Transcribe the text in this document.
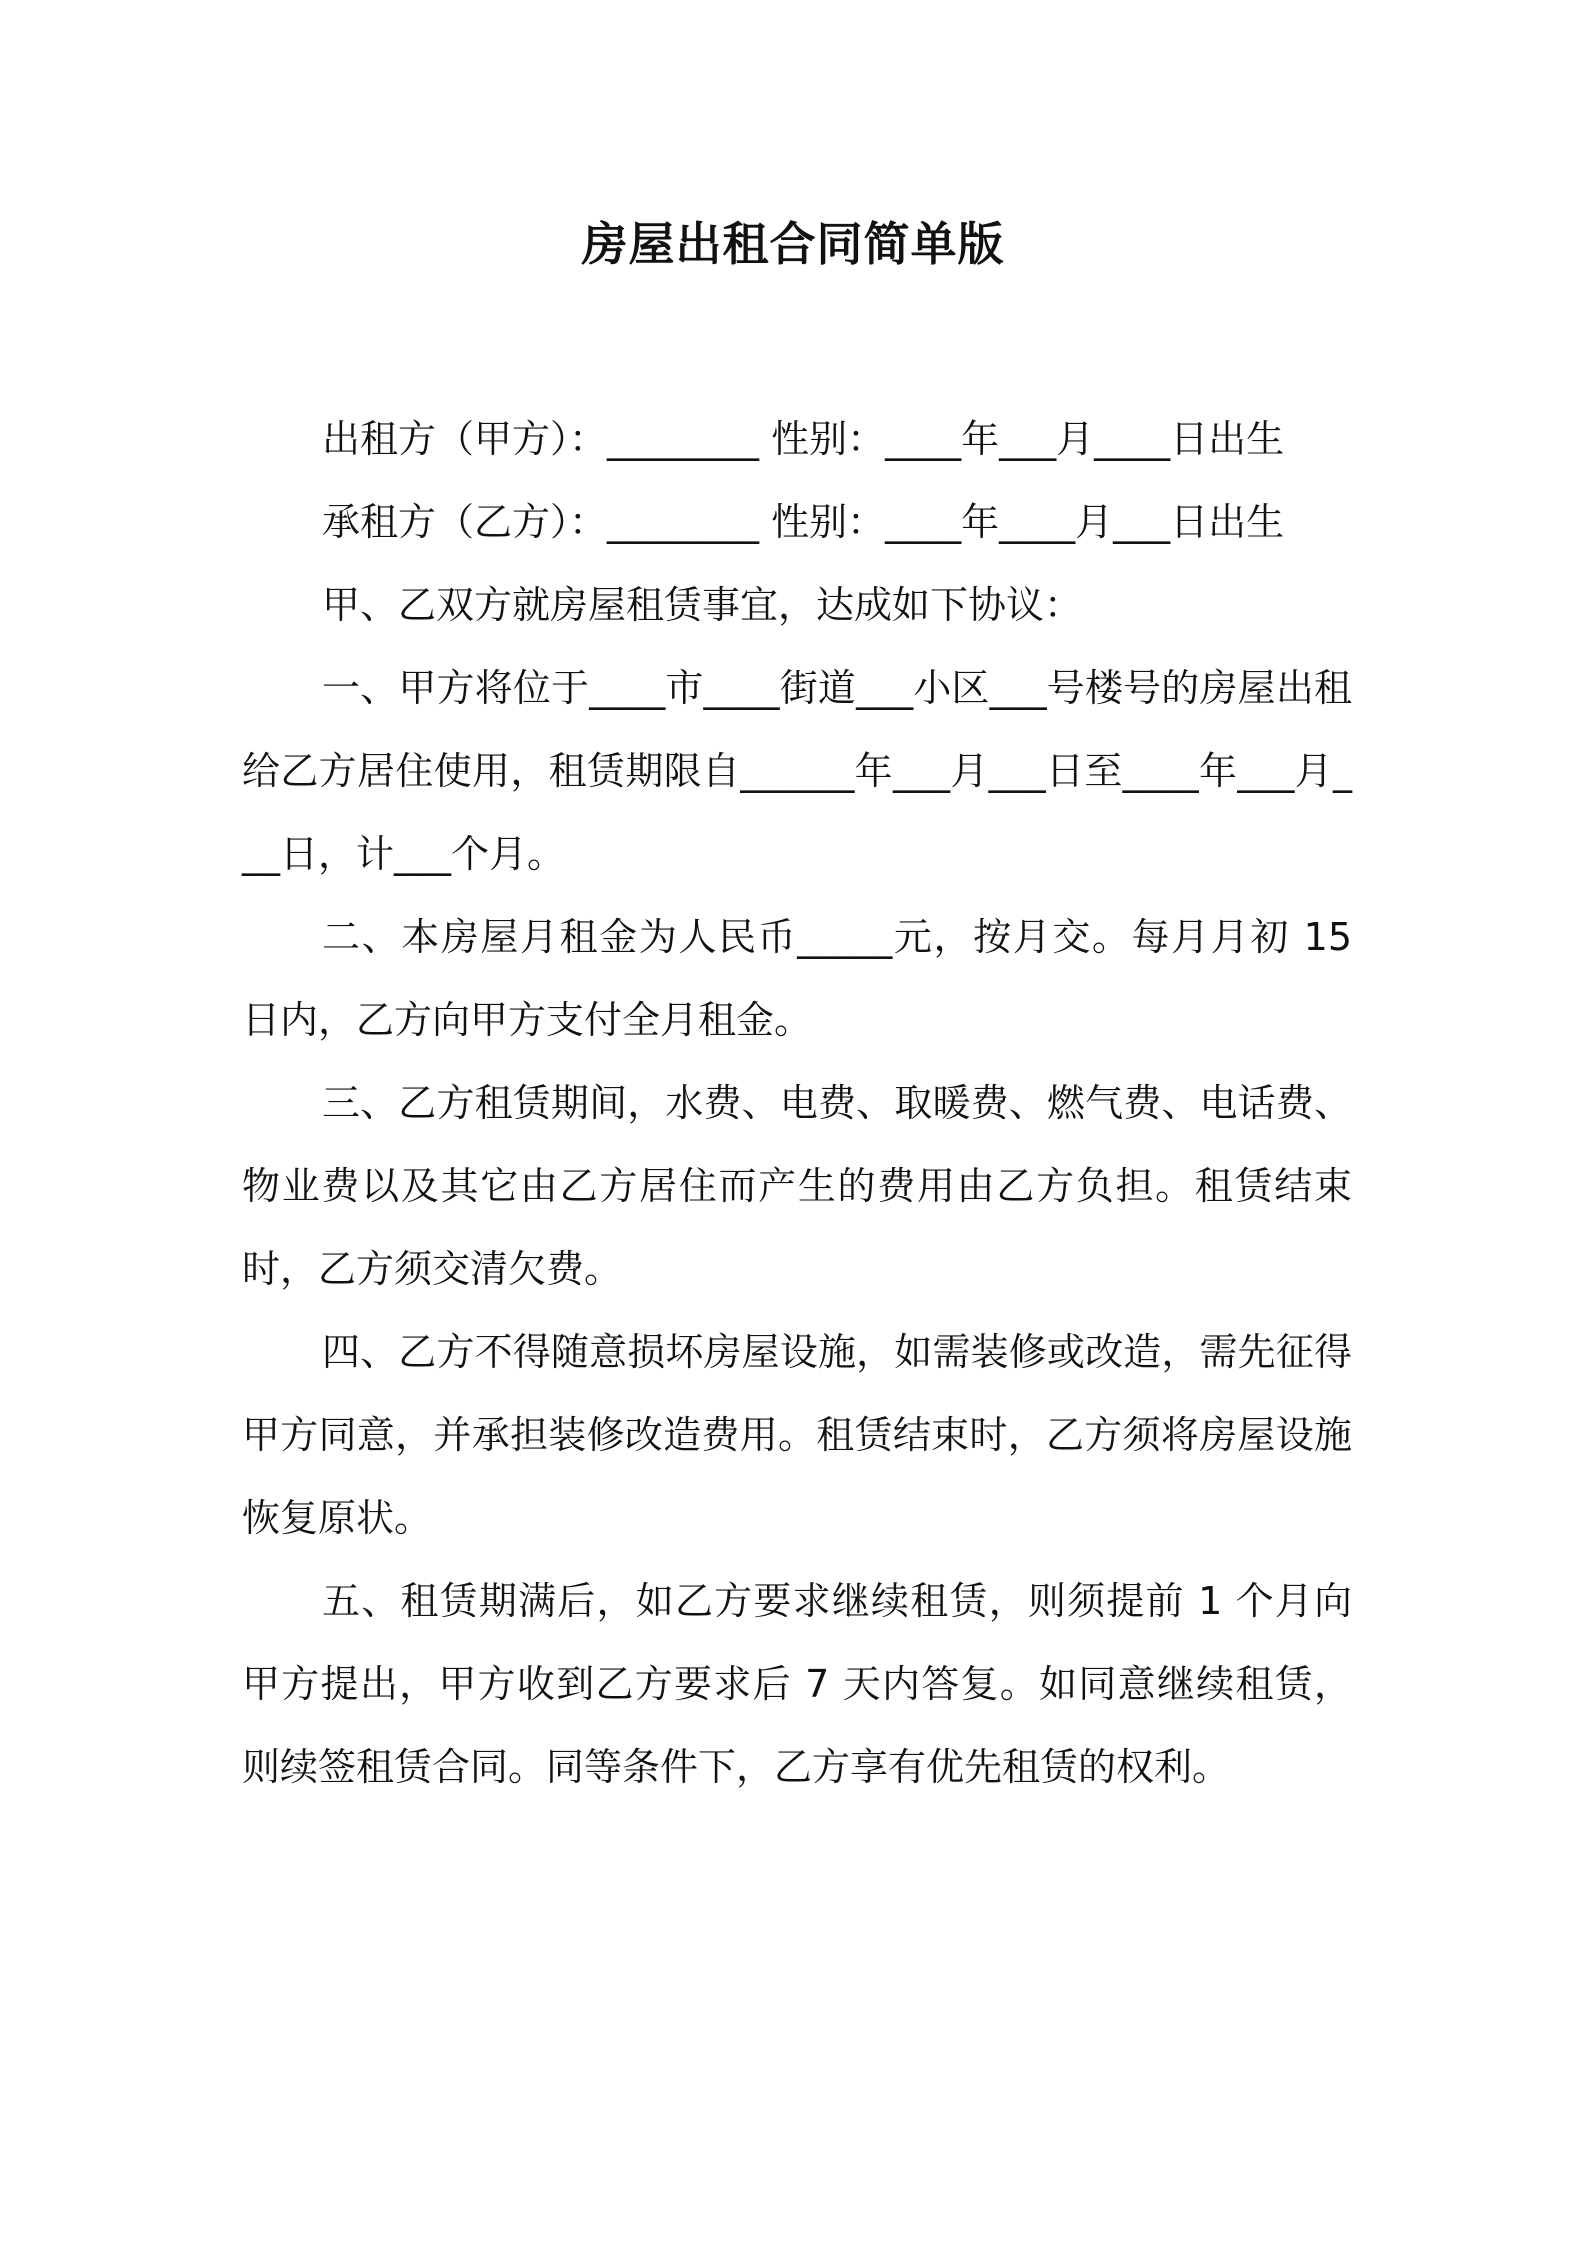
房屋出租合同简单版

出租方（甲方）：________ 性别：____年___月____日出生

承租方（乙方）：________ 性别：____年____月___日出生

甲、乙双方就房屋租赁事宜，达成如下协议：

一、甲方将位于____市____街道___小区___号楼号的房屋出租给乙方居住使用，租赁期限自______年___月___日至____年___月___日，计___个月。

二、本房屋月租金为人民币_____元，按月交。每月月初 15 日内，乙方向甲方支付全月租金。

三、乙方租赁期间，水费、电费、取暖费、燃气费、电话费、物业费以及其它由乙方居住而产生的费用由乙方负担。租赁结束时，乙方须交清欠费。

四、乙方不得随意损坏房屋设施，如需装修或改造，需先征得甲方同意，并承担装修改造费用。租赁结束时，乙方须将房屋设施恢复原状。

五、租赁期满后，如乙方要求继续租赁，则须提前 1 个月向甲方提出，甲方收到乙方要求后 7 天内答复。如同意继续租赁，则续签租赁合同。同等条件下，乙方享有优先租赁的权利。
